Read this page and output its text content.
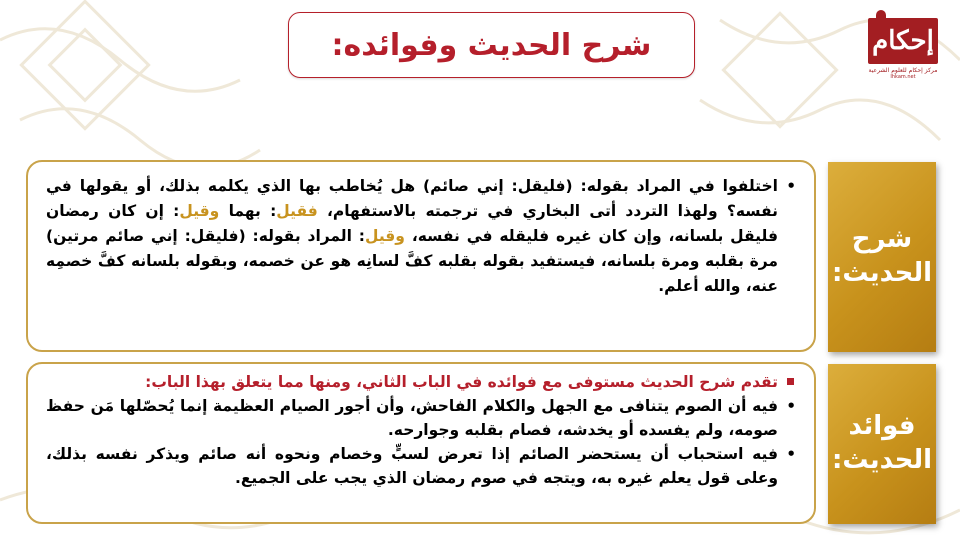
إحكام
مركز إحكام للعلوم الشرعية
Ihkam.net
شرح الحديث وفوائده:
شرح الحديث:
•
اختلفوا في المراد بقوله: (فليقل: إني صائم) هل يُخاطب بها الذي يكلمه بذلك، أو يقولها في نفسه؟ ولهذا التردد أتى البخاري في ترجمته بالاستفهام، فقيل: بهما وقيل: إن كان رمضان فليقل بلسانه، وإن كان غيره فليقله في نفسه، وقيل: المراد بقوله: (فليقل: إني صائم مرتين) مرة بقلبه ومرة بلسانه، فيستفيد بقوله بقلبه كفَّ لسانِه هو عن خصمه، وبقوله بلسانه كفَّ خصمِه عنه، والله أعلم.
فوائد الحديث:
تقدم شرح الحديث مستوفى مع فوائده في الباب الثاني، ومنها مما يتعلق بهذا الباب:
•
فيه أن الصوم يتنافى مع الجهل والكلام الفاحش، وأن أجور الصيام العظيمة إنما يُحصّلها مَن حفظ صومه، ولم يفسده أو يخدشه، فصام بقلبه وجوارحه.
•
فيه استحباب أن يستحضر الصائم إذا تعرض لسبٍّ وخصام ونحوه أنه صائم ويذكر نفسه بذلك، وعلى قول يعلم غيره به، ويتجه في صوم رمضان الذي يجب على الجميع.
